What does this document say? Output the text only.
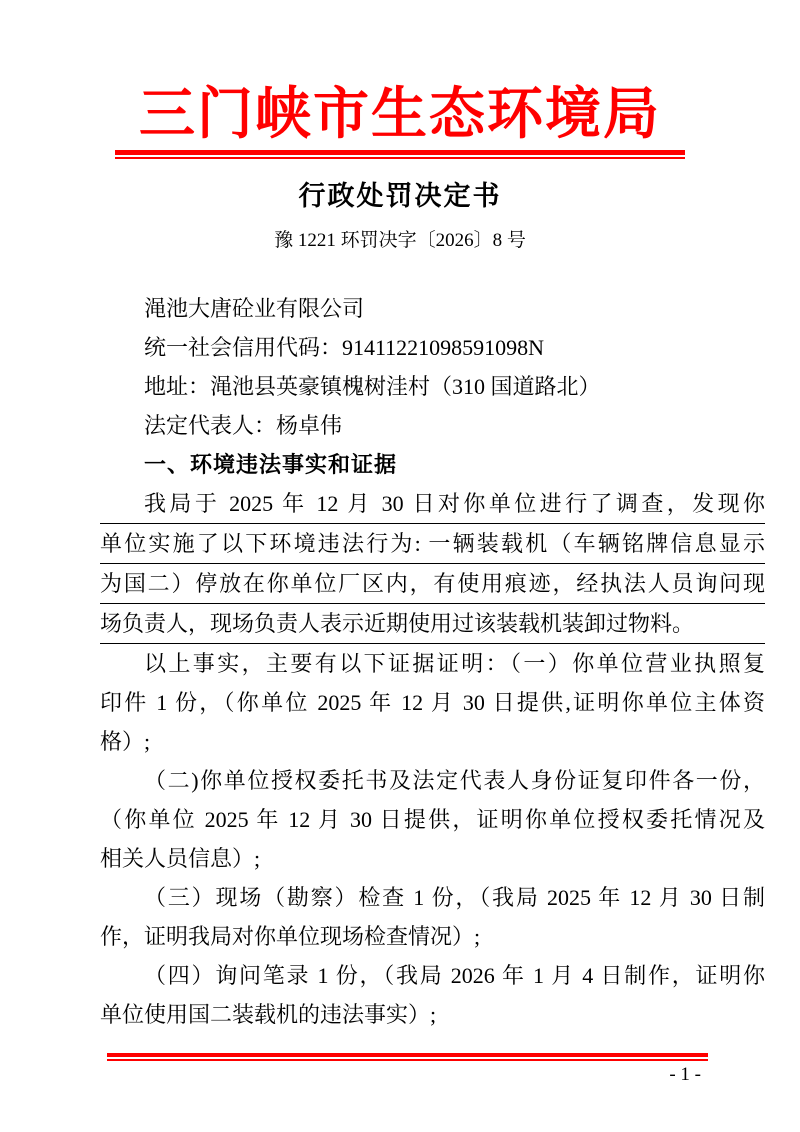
三门峡市生态环境局
行政处罚决定书
豫 1221 环罚决字〔2026〕8 号
渑池大唐砼业有限公司
统一社会信用代码：91411221098591098N
地址：渑池县英豪镇槐树洼村（310 国道路北）
法定代表人：杨卓伟
一、环境违法事实和证据
我局于 2025 年 12 月 30 日对你单位进行了调查，发现你
单位实施了以下环境违法行为: 一辆装载机（车辆铭牌信息显示
为国二）停放在你单位厂区内，有使用痕迹，经执法人员询问现
场负责人，现场负责人表示近期使用过该装载机装卸过物料。
以上事实，主要有以下证据证明：（一）你单位营业执照复
印件 1 份，（你单位 2025 年 12 月 30 日提供,证明你单位主体资
格）;
（二)你单位授权委托书及法定代表人身份证复印件各一份，
（你单位 2025 年 12 月 30 日提供，证明你单位授权委托情况及
相关人员信息）;
（三）现场（勘察）检查 1 份，（我局 2025 年 12 月 30 日制
作，证明我局对你单位现场检查情况）;
（四）询问笔录 1 份，（我局 2026 年 1 月 4 日制作，证明你
单位使用国二装载机的违法事实）;
- 1 -
